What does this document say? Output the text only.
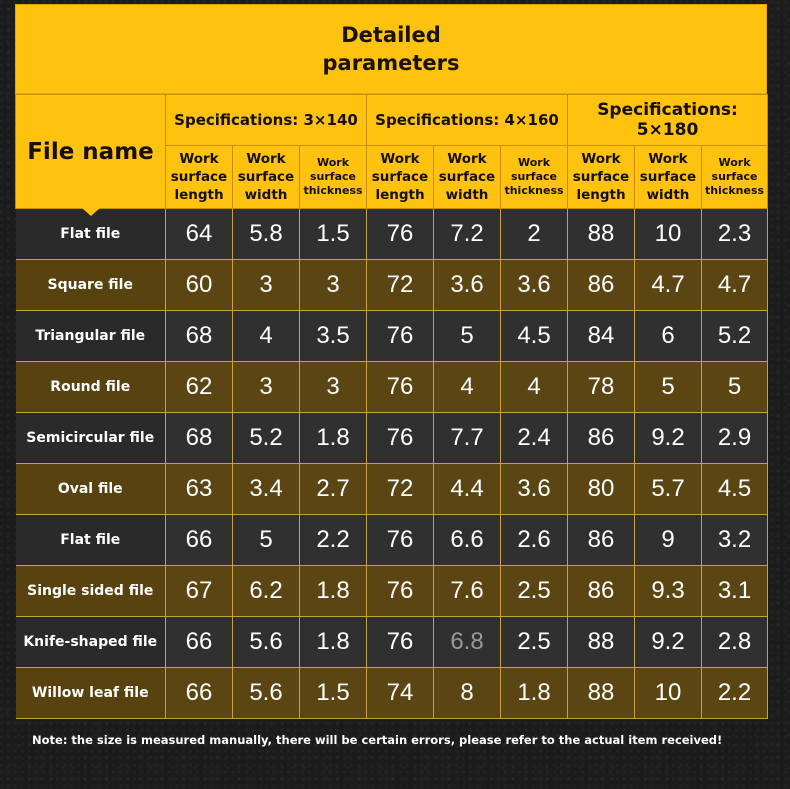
Detailed parameters
File name	Specifications: 3×140			Specifications: 4×160			Specifications: 5×180		
	Work surface length	Work surface width	Work surface thickness	Work surface length	Work surface width	Work surface thickness	Work surface length	Work surface width	Work surface thickness
Flat file	64	5.8	1.5	76	7.2	2	88	10	2.3
Square file	60	3	3	72	3.6	3.6	86	4.7	4.7
Triangular file	68	4	3.5	76	5	4.5	84	6	5.2
Round file	62	3	3	76	4	4	78	5	5
Semicircular file	68	5.2	1.8	76	7.7	2.4	86	9.2	2.9
Oval file	63	3.4	2.7	72	4.4	3.6	80	5.7	4.5
Flat file	66	5	2.2	76	6.6	2.6	86	9	3.2
Single sided file	67	6.2	1.8	76	7.6	2.5	86	9.3	3.1
Knife-shaped file	66	5.6	1.8	76	6.8	2.5	88	9.2	2.8
Willow leaf file	66	5.6	1.5	74	8	1.8	88	10	2.2
Note: the size is measured manually, there will be certain errors, please refer to the actual item received!
